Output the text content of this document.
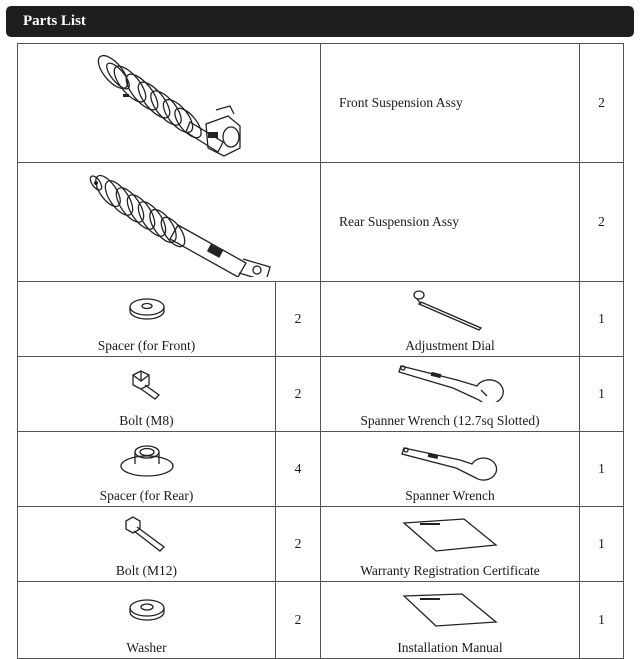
Parts List
	Front Suspension Assy	2
	Rear Suspension Assy	2

Spacer (for Front)	2	Adjustment Dial	1

Bolt (M8)	2	Spanner Wrench (12.7sq Slotted)	1

Spacer (for Rear)	4	Spanner Wrench	1

Bolt (M12)	2	Warranty Registration Certificate	1

Washer	2	Installation Manual	1
